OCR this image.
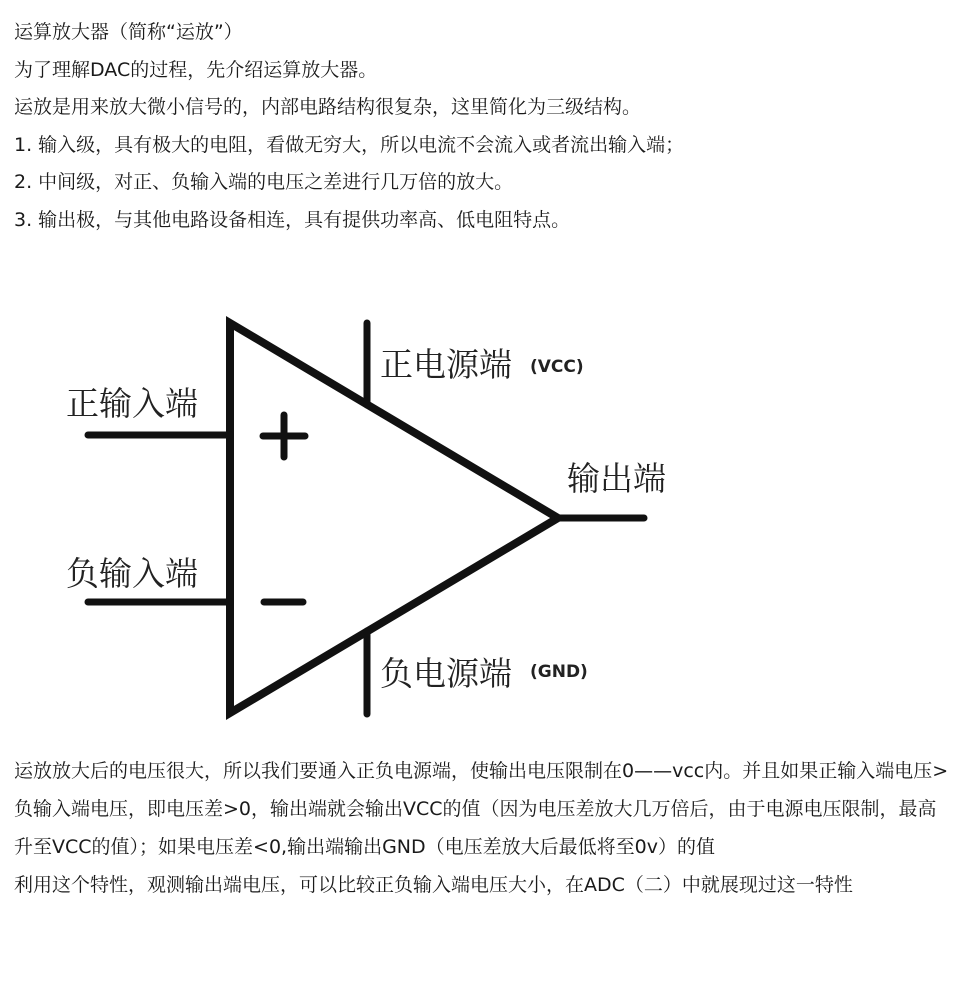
运算放大器（简称“运放”）

为了理解DAC的过程，先介绍运算放大器。

运放是用来放大微小信号的，内部电路结构很复杂，这里简化为三级结构。

1. 输入级，具有极大的电阻，看做无穷大，所以电流不会流入或者流出输入端；

2. 中间级，对正、负输入端的电压之差进行几万倍的放大。

3. 输出极，与其他电路设备相连，具有提供功率高、低电阻特点。

正输入端
负输入端
正电源端 (VCC)
负电源端 (GND)
输出端

运放放大后的电压很大，所以我们要通入正负电源端，使输出电压限制在0——vcc内。并且如果正输入端电压>负输入端电压，即电压差>0，输出端就会输出VCC的值（因为电压差放大几万倍后，由于电源电压限制，最高升至VCC的值）；如果电压差<0,输出端输出GND（电压差放大后最低将至0v）的值

利用这个特性，观测输出端电压，可以比较正负输入端电压大小，在ADC（二）中就展现过这一特性
